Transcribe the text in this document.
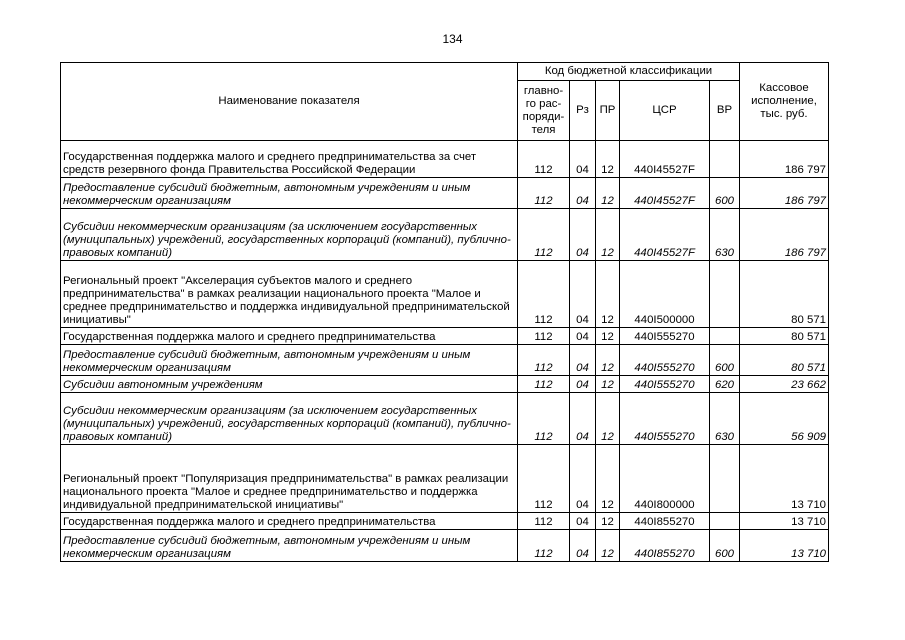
134
Наименование показателя	Код бюджетной классификации					Кассовое исполнение, тыс. руб.
	главно- го рас- поряди- теля	Рз	ПР	ЦСР	ВР	
Государственная поддержка малого и среднего предпринимательства за счет средств резервного фонда Правительства Российской Федерации	112	04	12	440I45527F		186 797
Предоставление субсидий бюджетным, автономным учреждениям и иным некоммерческим организациям	112	04	12	440I45527F	600	186 797
Субсидии некоммерческим организациям (за исключением государственных (муниципальных) учреждений, государственных корпораций (компаний), публично-правовых компаний)	112	04	12	440I45527F	630	186 797
Региональный проект "Акселерация субъектов малого и среднего предпринимательства" в рамках реализации национального проекта "Малое и среднее предпринимательство и поддержка индивидуальной предпринимательской инициативы"	112	04	12	440I500000		80 571
Государственная поддержка малого и среднего предпринимательства	112	04	12	440I555270		80 571
Предоставление субсидий бюджетным, автономным учреждениям и иным некоммерческим организациям	112	04	12	440I555270	600	80 571
Субсидии автономным учреждениям	112	04	12	440I555270	620	23 662
Субсидии некоммерческим организациям (за исключением государственных (муниципальных) учреждений, государственных корпораций (компаний), публично-правовых компаний)	112	04	12	440I555270	630	56 909
Региональный проект "Популяризация предпринимательства" в рамках реализации национального проекта "Малое и среднее предпринимательство и поддержка индивидуальной предпринимательской инициативы"	112	04	12	440I800000		13 710
Государственная поддержка малого и среднего предпринимательства	112	04	12	440I855270		13 710
Предоставление субсидий бюджетным, автономным учреждениям и иным некоммерческим организациям	112	04	12	440I855270	600	13 710
